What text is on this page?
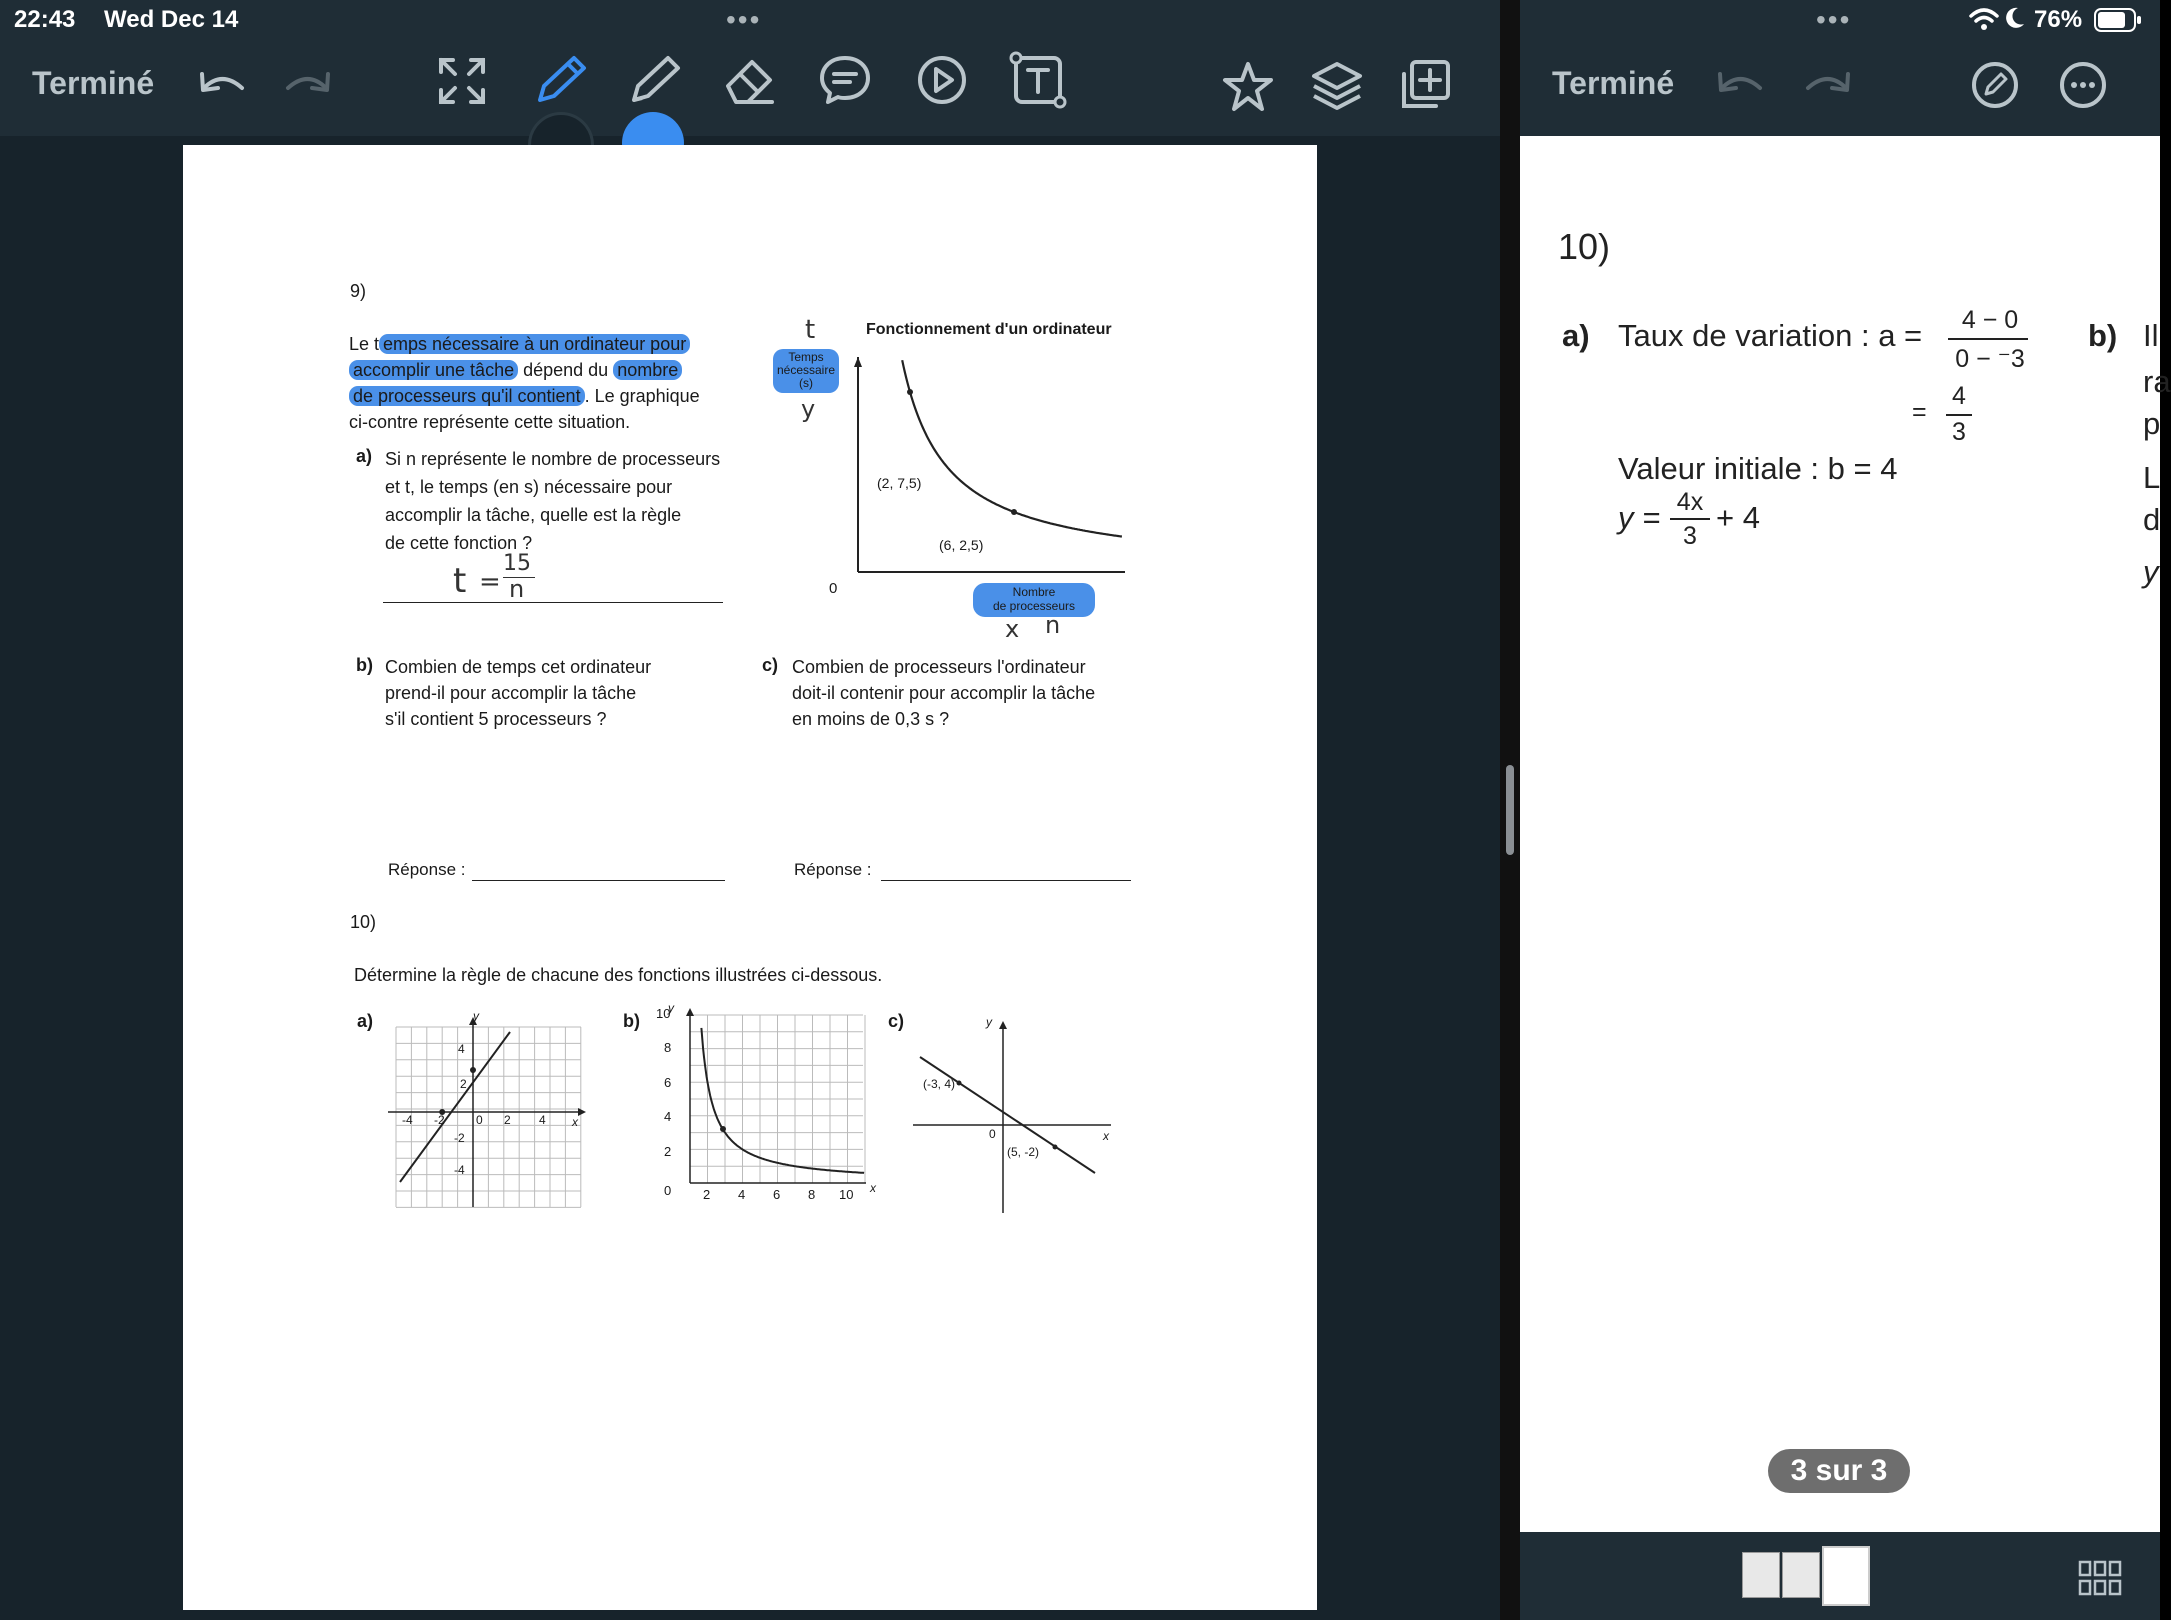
22:43 Wed Dec 14	•••
Terminé
9)
Le t emps nécessaire à un ordinateur pour
accomplir une tâche dépend du nombre
de processeurs qu'il contient . Le graphique
ci-contre représente cette situation.
a) Si n représente le nombre de processeurs
et t, le temps (en s) nécessaire pour
accomplir la tâche, quelle est la règle
de cette fonction ?
t =
15
n
Fonctionnement d'un ordinateur
t
Temps
nécessaire
(s)
y
(2, 7,5)
(6, 2,5)
0	Nombre
de processeurs
x n
b) Combien de temps cet ordinateur
prend-il pour accomplir la tâche
s'il contient 5 processeurs ?
c) Combien de processeurs l'ordinateur
doit-il contenir pour accomplir la tâche
en moins de 0,3 s ?
Réponse :	Réponse :
10)
Détermine la règle de chacune des fonctions illustrées ci-dessous.
a)	y
x
-4 -2	0 2 4
4
2
-2
-4
b)
y
x
10
8
6
4
2
0 2 4 6 8 10
c)	y
x
(-3, 4)
(5, -2)
0
•••	76%
Terminé
10)
a) Taux de variation : a =	4 − 0
0 − ⁻3
=
4
3
Valeur initiale : b = 4
y = 4x
3
+ 4
b) Il
ra
p
L
d
y
3 sur 3
